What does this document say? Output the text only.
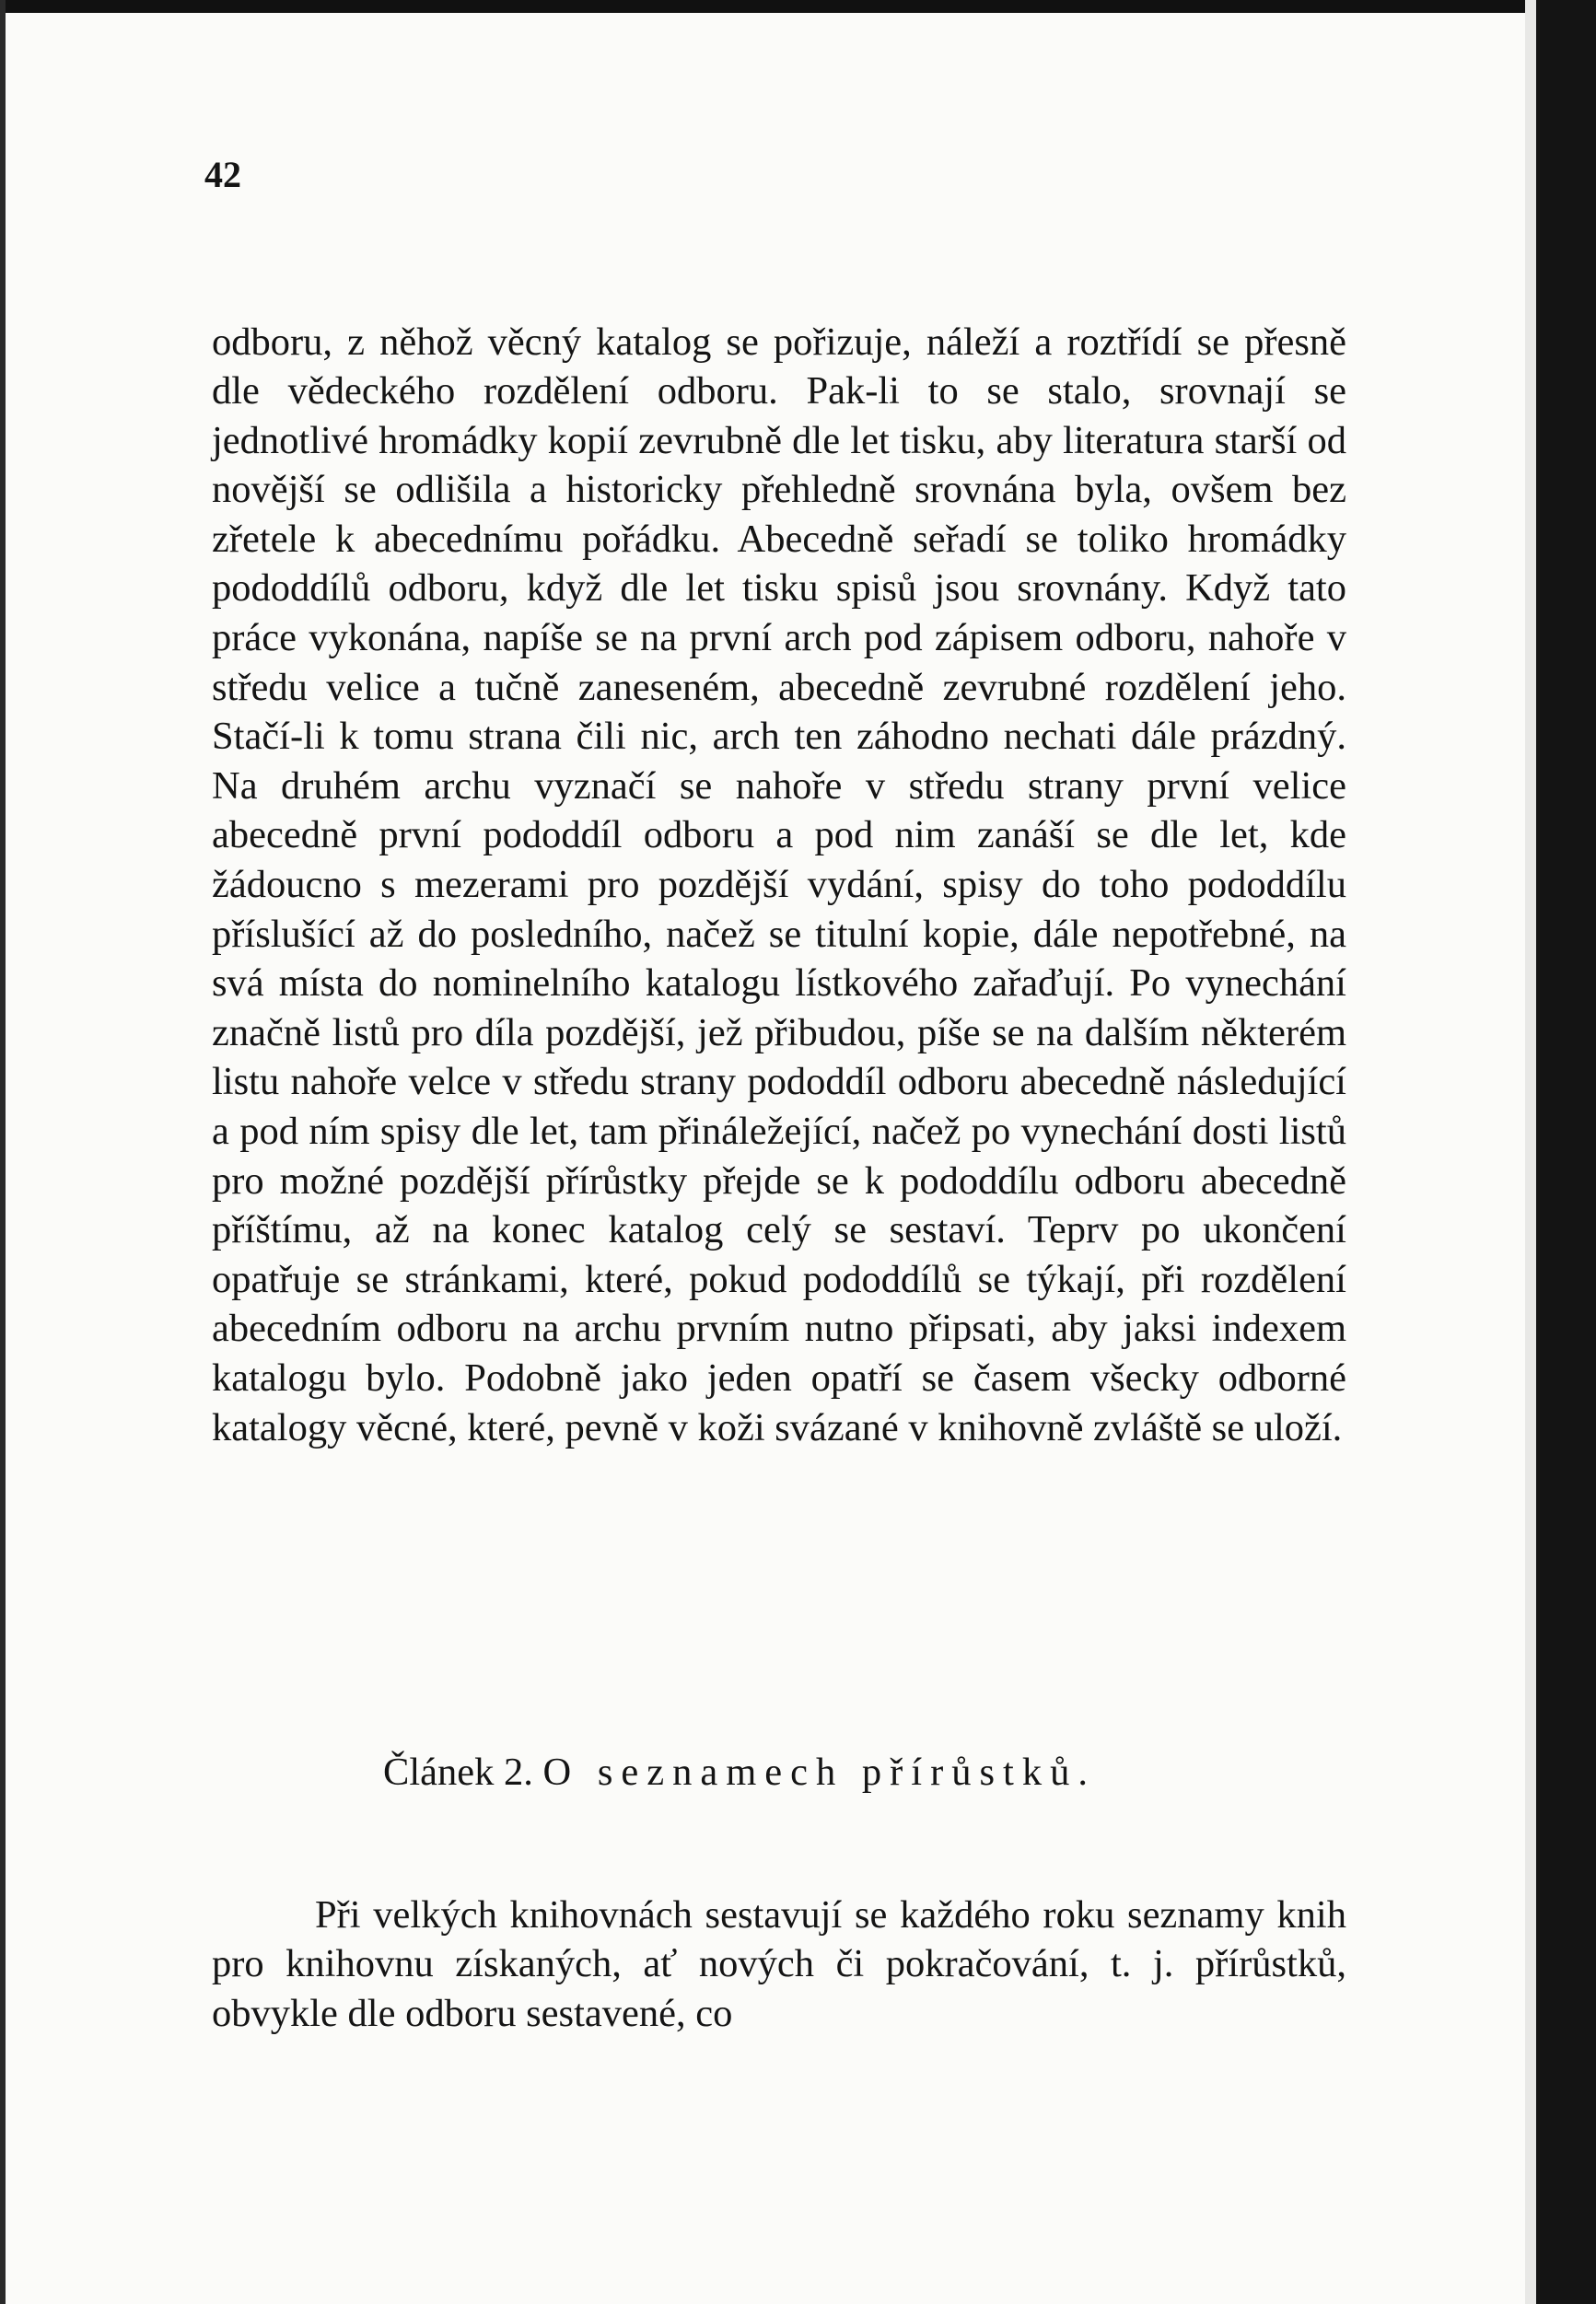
42

odboru, z něhož věcný katalog se pořizuje, náleží a roztřídí se přesně dle vědeckého rozdělení odboru. Pak-li to se stalo, srovnají se jednotlivé hromádky kopií zevrubně dle let tisku, aby literatura starší od novější se odlišila a historicky přehledně srovnána byla, ovšem bez zřetele k abecednímu pořádku. Abecedně seřadí se toliko hromádky pododdílů odboru, když dle let tisku spisů jsou srovnány. Když tato práce vykonána, napíše se na první arch pod zápisem odboru, nahoře v středu velice a tučně zaneseném, abecedně zevrubné rozdělení jeho. Stačí-li k tomu strana čili nic, arch ten záhodno nechati dále prázdný. Na druhém archu vyznačí se nahoře v středu strany první velice abecedně první pododdíl odboru a pod nim zanáší se dle let, kde žádoucno s mezerami pro pozdější vydání, spisy do toho pododdílu příslušící až do posledního, načež se titulní kopie, dále nepotřebné, na svá místa do nominelního katalogu lístkového zařaďují. Po vynechání značně listů pro díla pozdější, jež přibudou, píše se na dalším některém listu nahoře velce v středu strany pododdíl odboru abecedně následující a pod ním spisy dle let, tam přináležející, načež po vynechání dosti listů pro možné pozdější přírůstky přejde se k pododdílu odboru abecedně příštímu, až na konec katalog celý se sestaví. Teprv po ukončení opatřuje se stránkami, které, pokud pododdílů se týkají, při rozdělení abecedním odboru na archu prvním nutno připsati, aby jaksi indexem katalogu bylo. Podobně jako jeden opatří se časem všecky odborné katalogy věcné, které, pevně v koži svázané v knihovně zvláště se uloží.

Článek 2. O seznamech přírůstků.

Při velkých knihovnách sestavují se každého roku seznamy knih pro knihovnu získaných, ať nových či pokračování, t. j. přírůstků, obvykle dle odboru sestavené, co
